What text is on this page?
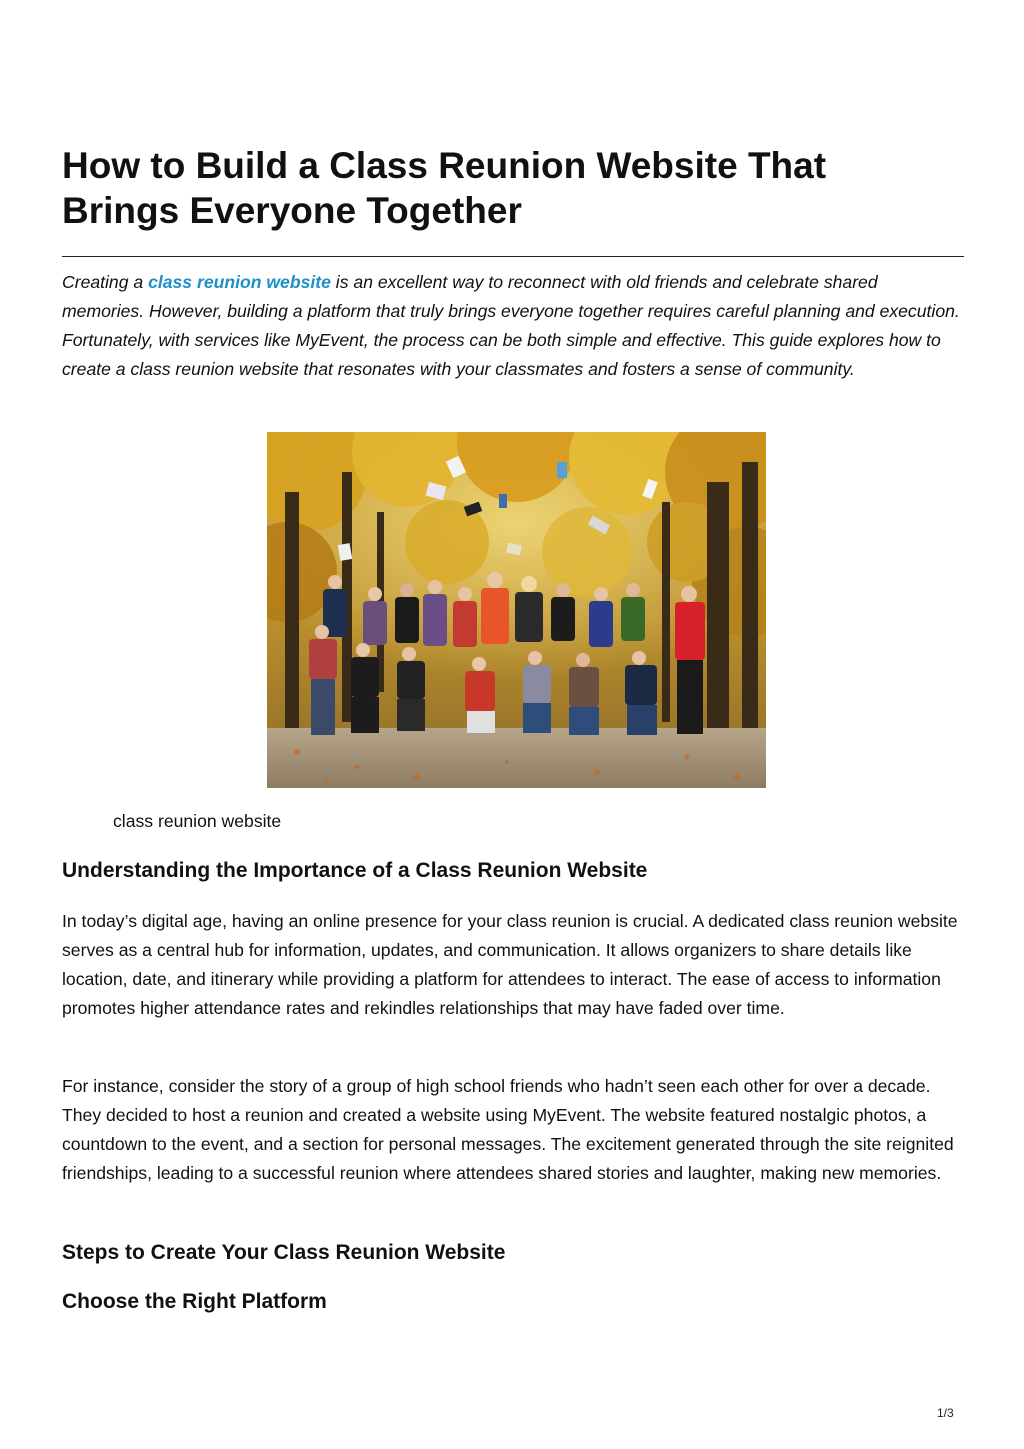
How to Build a Class Reunion Website That Brings Everyone Together

Creating a class reunion website is an excellent way to reconnect with old friends and celebrate shared memories. However, building a platform that truly brings everyone together requires careful planning and execution. Fortunately, with services like MyEvent, the process can be both simple and effective. This guide explores how to create a class reunion website that resonates with your classmates and fosters a sense of community.

class reunion website

Understanding the Importance of a Class Reunion Website

In today’s digital age, having an online presence for your class reunion is crucial. A dedicated class reunion website serves as a central hub for information, updates, and communication. It allows organizers to share details like location, date, and itinerary while providing a platform for attendees to interact. The ease of access to information promotes higher attendance rates and rekindles relationships that may have faded over time.

For instance, consider the story of a group of high school friends who hadn’t seen each other for over a decade. They decided to host a reunion and created a website using MyEvent. The website featured nostalgic photos, a countdown to the event, and a section for personal messages. The excitement generated through the site reignited friendships, leading to a successful reunion where attendees shared stories and laughter, making new memories.

Steps to Create Your Class Reunion Website
Choose the Right Platform
1/3
